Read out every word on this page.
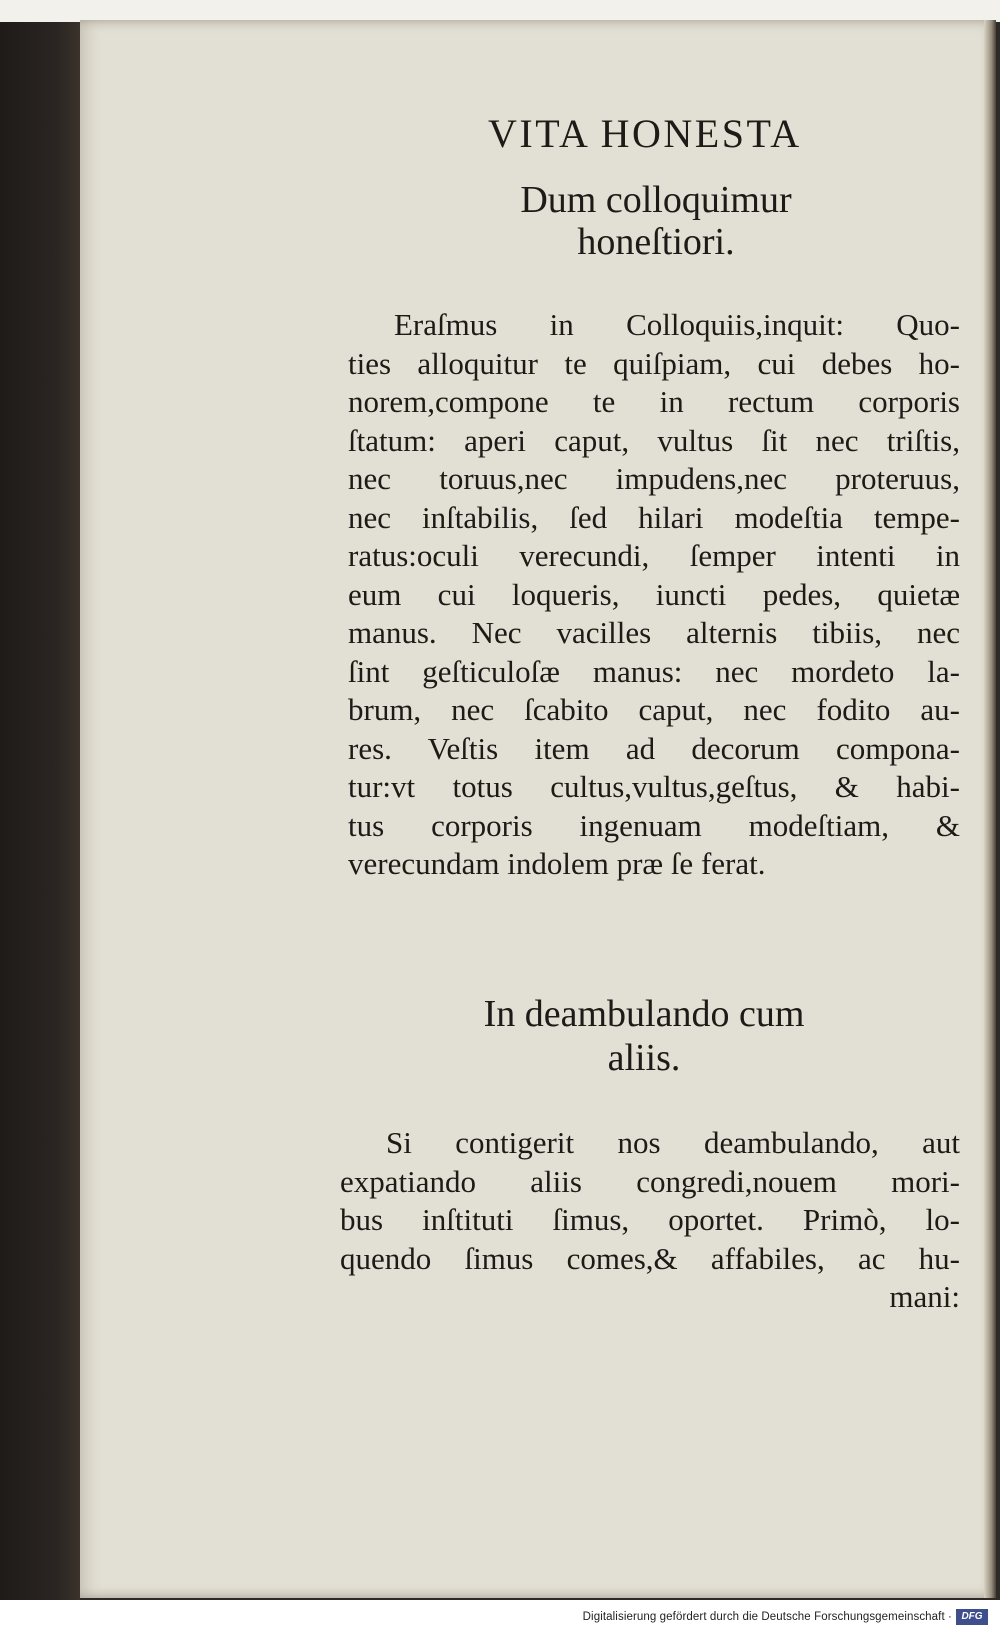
VITA HONESTA
Dum colloquimur
honeſtiori.
Eraſmus in Colloquiis,inquit: Quo-
ties alloquitur te quiſpiam, cui debes ho-
norem,compone te in rectum corporis
ſtatum: aperi caput, vultus ſit nec triſtis,
nec toruus,nec impudens,nec proteruus,
nec inſtabilis, ſed hilari modeſtia tempe-
ratus:oculi verecundi, ſemper intenti in
eum cui loqueris, iuncti pedes, quietæ
manus. Nec vacilles alternis tibiis, nec
ſint geſticuloſæ manus: nec mordeto la-
brum, nec ſcabito caput, nec fodito au-
res. Veſtis item ad decorum compona-
tur:vt totus cultus,vultus,geſtus, & habi-
tus corporis ingenuam modeſtiam, &
verecundam indolem præ ſe ferat.
In deambulando cum
aliis.
Si contigerit nos deambulando, aut
expatiando aliis congredi,nouem mori-
bus inſtituti ſimus, oportet. Primò, lo-
quendo ſimus comes,& affabiles, ac hu-
mani:
Digitalisierung gefördert durch die Deutsche Forschungsgemeinschaft · DFG
